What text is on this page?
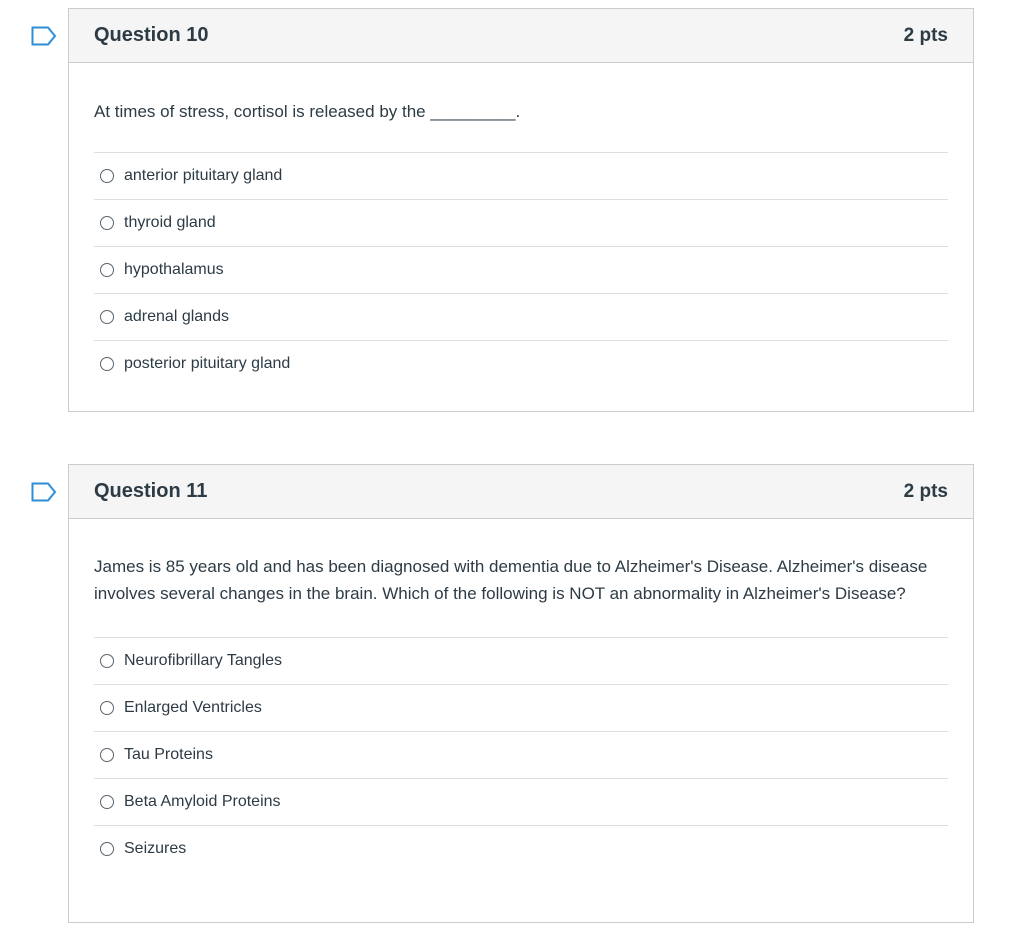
Question 10	2 pts
At times of stress, cortisol is released by the _________.
anterior pituitary gland
thyroid gland
hypothalamus
adrenal glands
posterior pituitary gland
Question 11	2 pts
James is 85 years old and has been diagnosed with dementia due to Alzheimer's Disease. Alzheimer's disease involves several changes in the brain. Which of the following is NOT an abnormality in Alzheimer's Disease?
Neurofibrillary Tangles
Enlarged Ventricles
Tau Proteins
Beta Amyloid Proteins
Seizures
